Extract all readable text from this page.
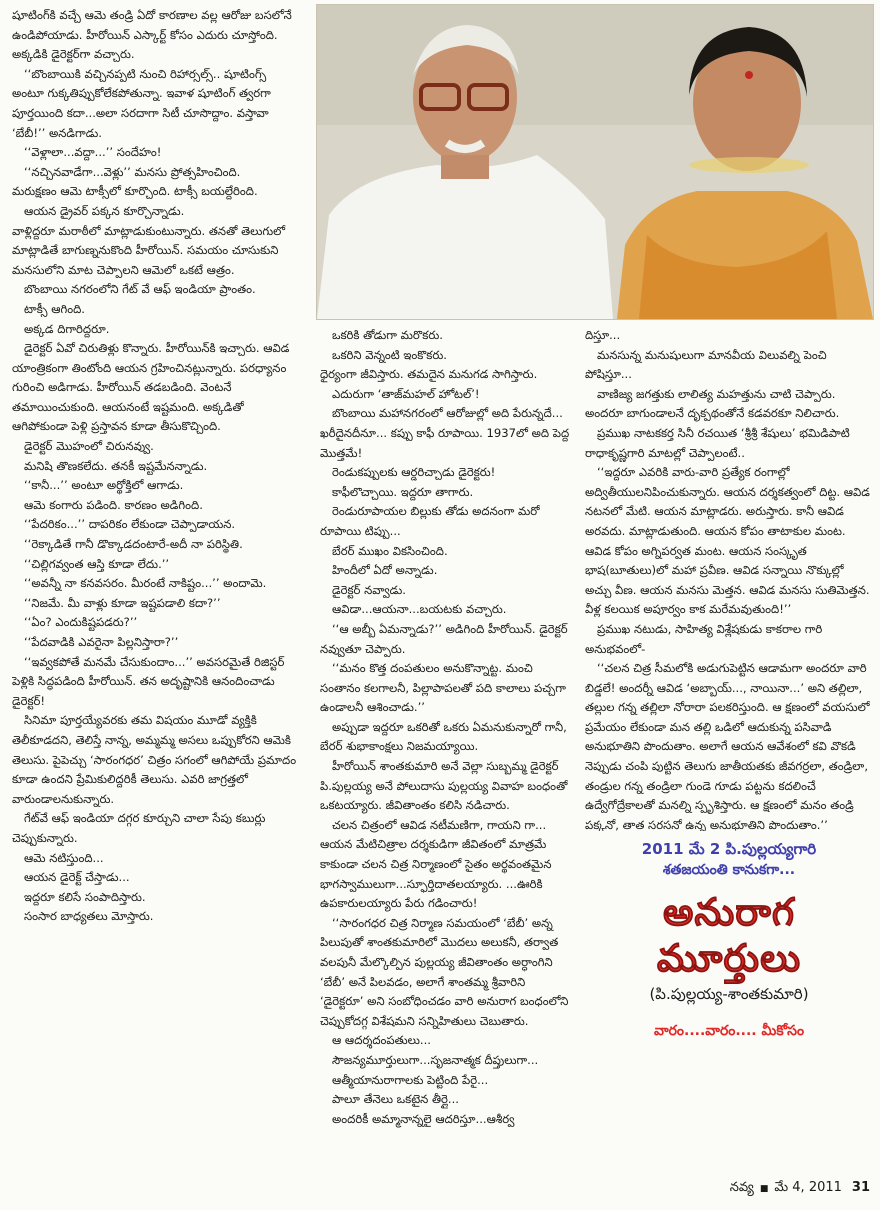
షూటింగ్‌కి వచ్చే ఆమె తండ్రి ఏదో కారణాల వల్ల ఆరోజు బసలోనే ఉండిపోయాడు. హీరోయిన్ ఎస్కార్ట్ కోసం ఎదురు చూస్తోంది. అక్కడికి డైరెక్టర్‌గా వచ్చారు.

‘‘బొంబాయికి వచ్చినప్పటి నుంచి రిహార్సల్స్.. షూటింగ్స్ అంటూ గుక్కతిప్పుకోలేకపోతున్నా. ఇవాళ షూటింగ్ త్వరగా పూర్తయింది కదా...అలా సరదాగా సిటీ చూసొద్దాం. వస్తావా ‘బేబీ!’’ అనడిగాడు.

‘‘వెళ్లాలా...వద్దా...’’ సందేహం!

‘‘నచ్చినవాడేగా...వెళ్లు’’ మనసు ప్రోత్సహించింది.

మరుక్షణం ఆమె టాక్సీలో కూర్చొంది. టాక్సీ బయల్దేరింది.

ఆయన డ్రైవర్ పక్కన కూర్చొన్నాడు.

వాళ్లిద్దరూ మరాఠీలో మాట్లాడుకుంటున్నారు. తనతో తెలుగులో మాట్లాడితే బాగుణ్ననుకొంది హీరోయిన్. సమయం చూసుకుని మనసులోని మాట చెప్పాలని ఆమెలో ఒకటే ఆత్రం.

బొంబాయి నగరంలోని గేట్ వే ఆఫ్ ఇండియా ప్రాంతం.

టాక్సీ ఆగింది.

అక్కడ దిగారిద్దరూ.

డైరెక్టర్ ఏవో చిరుతిళ్లు కొన్నారు. హీరోయిన్‌కి ఇచ్చారు. ఆవిడ యాంత్రికంగా తింటోంది ఆయన గ్రహించినట్లున్నారు. పరధ్యానం గురించి అడిగాడు. హీరోయిన్ తడబడింది. వెంటనే తమాయించుకుంది. ఆయనంటే ఇష్టమంది. అక్కడితో ఆగిపోకుండా పెళ్లి ప్రస్తావన కూడా తీసుకొచ్చింది.

డైరెక్టర్ మొహంలో చిరునవ్వు.

మనిషి తొణకలేదు. తనకీ ఇష్టమేనన్నాడు.

‘‘కానీ...’’ అంటూ అర్థోక్తిలో ఆగాడు.

ఆమె కంగారు పడింది. కారణం అడిగింది.

‘‘పేదరికం...’’ దాపరికం లేకుండా చెప్పాడాయన.

‘‘రెక్కాడితే గానీ డొక్కాడదంటారే-అదీ నా పరిస్థితి.

‘‘చిల్లిగవ్వంత ఆస్తి కూడా లేదు.’’

‘‘అవన్నీ నా కనవసరం. మీరంటే నాకిష్టం...’’ అందామె.

‘‘నిజమే. మీ వాళ్లు కూడా ఇష్టపడాలి కదా?’’

‘‘ఏం? ఎందుకిష్టపడరు?’’

‘‘పేదవాడికి ఎవరైనా పిల్లనిస్తారా?’’

‘‘ఇవ్వకపోతే మనమే చేసుకుందాం...’’ అవసరమైతే రిజిస్టర్ పెళ్లికి సిద్ధపడింది హీరోయిన్. తన అదృష్టానికి ఆనందించాడు డైరెక్టర్!

సినిమా పూర్తయ్యేవరకు తమ విషయం మూడో వ్యక్తికి తెలీకూడదని, తెలిస్తే నాన్న, అమ్మమ్మ అసలు ఒప్పుకోరని ఆమెకి తెలుసు. పైపెచ్చు ‘సారంగధర’ చిత్రం సగంలో ఆగిపోయే ప్రమాదం కూడా ఉందని ప్రేమికులిద్దరికీ తెలుసు. ఎవరి జాగ్రత్తలో వారుండాలనుకున్నారు.

గేట్‌వే ఆఫ్ ఇండియా దగ్గర కూర్చుని చాలా సేపు కబుర్లు చెప్పుకున్నారు.

ఆమె నటిస్తుంది...

ఆయన డైరెక్ట్ చేస్తాడు...

ఇద్దరూ కలిసే సంపాదిస్తారు.

సంసార బాధ్యతలు మోస్తారు.

ఒకరికి తోడుగా మరొకరు.

ఒకరిని వెన్నంటి ఇంకొకరు.

ధైర్యంగా జీవిస్తారు. తమదైన మనుగడ సాగిస్తారు.

ఎదురుగా ‘తాజ్‌మహల్ హోటల్’!

బొంబాయి మహానగరంలో ఆరోజుల్లో అది పేరున్నదే... ఖరీదైనదీనూ... కప్పు కాఫీ రూపాయి. 1937లో అది పెద్ద మొత్తమే!

రెండుకప్పులకు ఆర్డరిచ్చాడు డైరెక్టరు!

కాఫీలొచ్చాయి. ఇద్దరూ తాగారు.

రెండురూపాయల బిల్లుకు తోడు అదనంగా మరో రూపాయి టిప్పు...

బేరర్ ముఖం వికసించింది.

హిందీలో ఏదో అన్నాడు.

డైరెక్టర్ నవ్వాడు.

ఆవిడా...ఆయనా...బయటకు వచ్చారు.

‘‘ఆ అబ్బీ ఏమన్నాడు?’’ అడిగింది హీరోయిన్. డైరెక్టర్ నవ్వుతూ చెప్పారు.

‘‘మనం కొత్త దంపతులం అనుకొన్నాట్ట. మంచి సంతానం కలగాలనీ, పిల్లాపాపలతో పది కాలాలు పచ్చగా ఉండాలనీ ఆశించాడు.’’

అప్పుడా ఇద్దరూ ఒకరితో ఒకరు ఏమనుకున్నారో గానీ, బేరర్ శుభాకాంక్షలు నిజమయ్యాయి.

హీరోయిన్ శాంతకుమారి అనే వెల్లా సుబ్బమ్మ డైరెక్టర్ పి.పుల్లయ్య అనే పోలుదాసు పుల్లయ్య వివాహ బంధంతో ఒకటయ్యారు. జీవితాంతం కలిసి నడిచారు.

చలన చిత్రంలో ఆవిడ నటీమణిగా, గాయని గా... ఆయన మేటిచిత్రాల దర్శకుడిగా జీవితంలో మాత్రమే కాకుండా చలన చిత్ర నిర్మాణంలో సైతం అర్థవంతమైన భాగస్వాములుగా...స్ఫూర్తిదాతలయ్యారు. ...ఊరికి ఉపకారులయ్యారు పేరు గడించారు!

‘‘సారంగధర చిత్ర నిర్మాణ సమయంలో ‘బేబీ’ అన్న పిలుపుతో శాంతకుమారిలో మొదలు అలుకనీ, తర్వాత వలపునీ మేల్కొల్పిన పుల్లయ్య జీవితాంతం అర్ధాంగిని ‘బేబీ’ అనే పిలవడం, అలాగే శాంతమ్మ శ్రీవారిని ‘డైరెక్టరూ’ అని సంబోధించడం వారి అనురాగ బంధంలోని చెప్పుకోదగ్గ విశేషమని సన్నిహితులు చెబుతారు.

ఆ ఆదర్శదంపతులు...

సౌజన్యమూర్తులుగా...సృజనాత్మక దీప్తులుగా...

ఆత్మీయానురాగాలకు పెట్టింది పేరై...

పాలూ తేనెలు ఒకటైన తీర్లై...

అందరికీ అమ్మానాన్నలై ఆదరిస్తూ...ఆశీర్వ

దిస్తూ...

మనసున్న మనుషులుగా మానవీయ విలువల్ని పెంచి పోషిస్తూ...

వాణిజ్య జగత్తుకు లాలిత్య మహత్తును చాటి చెప్పారు. అందరూ బాగుండాలనే దృక్పథంతోనే కడవరకూ నిలిచారు.

ప్రముఖ నాటకకర్త సినీ రచయిత ‘శ్రీశ్రీ శేషులు’ భమిడిపాటి రాధాకృష్ణగారి మాటల్లో చెప్పాలంటే..

‘‘ఇద్దరూ ఎవరికి వారు-వారి ప్రత్యేక రంగాల్లో అద్వితీయులనిపించుకున్నారు. ఆయన దర్శకత్వంలో దిట్ట. ఆవిడ నటనలో మేటి. ఆయన మాట్లాడరు. అరుస్తారు. కానీ ఆవిడ అరవదు. మాట్లాడుతుంది. ఆయన కోపం తాటాకుల మంట. ఆవిడ కోపం అగ్నిపర్వత మంట. ఆయన సంస్కృత భాష(బూతులు)లో మహా ప్రవీణ. ఆవిడ సన్నాయి నొక్కుల్లో అచ్చు వీణ. ఆయన మనసు మెత్తన. ఆవిడ మనసు సుతిమెత్తన. వీళ్ల కలయిక అపూర్వం కాక మరేమవుతుంది!’’

ప్రముఖ నటుడు, సాహిత్య విశ్లేషకుడు కాకరాల గారి అనుభవంలో-

‘‘చలన చిత్ర సీమలోకి అడుగుపెట్టిన ఆడామగా అందరూ వారి బిడ్డలే! అందర్నీ ఆవిడ ‘అబ్బాయ్..., నాయినా...’ అని తల్లిలా, తల్లుల గన్న తల్లిలా నోరారా పలకరిస్తుంది. ఆ క్షణంలో వయసులో ప్రమేయం లేకుండా మన తల్లి ఒడిలో ఆదుకున్న పసివాడి అనుభూతిని పొందుతాం. అలాగే ఆయన ఆవేశంలో కవి వొకడి నెప్పుడు చంపి పుట్టిన తెలుగు జాతీయతకు జీవగర్రలా, తండ్రిలా, తండ్రుల గన్న తండ్రిలా గుండె గూడు పట్టను కదలించే ఉద్వేగోద్రేకాలతో మనల్ని స్పృశిస్తారు. ఆ క్షణంలో మనం తండ్రి పక్కనో, తాత సరసనో ఉన్న అనుభూతిని పొందుతాం.’’

2011 మే 2 పి.పుల్లయ్యగారి
శతజయంతి కానుకగా...
అనురాగ మూర్తులు
(పి.పుల్లయ్య-శాంతకుమారి)
వారం....వారం.... మీకోసం
నవ్య ■ మే 4, 2011 31
